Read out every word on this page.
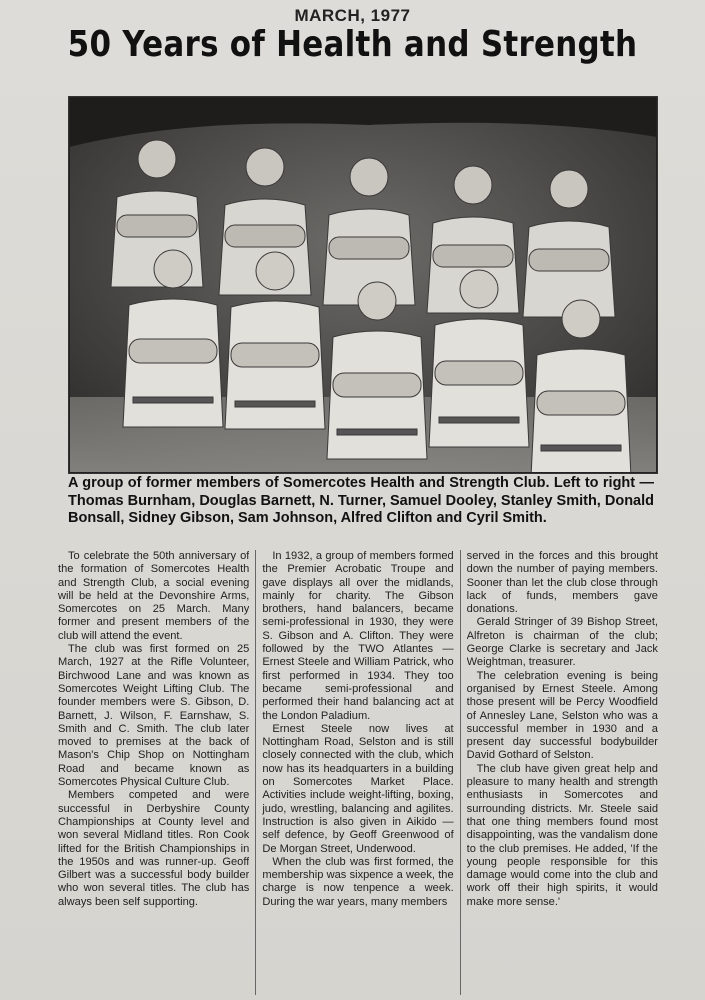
MARCH, 1977
50 Years of Health and Strength
A group of former members of Somercotes Health and Strength Club. Left to right — Thomas Burnham, Douglas Barnett, N. Turner, Samuel Dooley, Stanley Smith, Donald Bonsall, Sidney Gibson, Sam Johnson, Alfred Clifton and Cyril Smith.

To celebrate the 50th anniversary of the formation of Somercotes Health and Strength Club, a social evening will be held at the Devonshire Arms, Somercotes on 25 March. Many former and present members of the club will attend the event.

The club was first formed on 25 March, 1927 at the Rifle Volunteer, Birchwood Lane and was known as Somercotes Weight Lifting Club. The founder members were S. Gibson, D. Barnett, J. Wilson, F. Earnshaw, S. Smith and C. Smith. The club later moved to premises at the back of Mason's Chip Shop on Nottingham Road and became known as Somercotes Physical Culture Club.

Members competed and were successful in Derbyshire County Championships at County level and won several Midland titles. Ron Cook lifted for the British Championships in the 1950s and was runner-up. Geoff Gilbert was a successful body builder who won several titles. The club has always been self supporting.

In 1932, a group of members formed the Premier Acrobatic Troupe and gave displays all over the midlands, mainly for charity. The Gibson brothers, hand balancers, became semi-professional in 1930, they were S. Gibson and A. Clifton. They were followed by the TWO Atlantes — Ernest Steele and William Patrick, who first performed in 1934. They too became semi-professional and performed their hand balancing act at the London Paladium.

Ernest Steele now lives at Nottingham Road, Selston and is still closely connected with the club, which now has its headquarters in a building on Somercotes Market Place. Activities include weight-lifting, boxing, judo, wrestling, balancing and agilites. Instruction is also given in Aikido — self defence, by Geoff Greenwood of De Morgan Street, Underwood.

When the club was first formed, the membership was sixpence a week, the charge is now tenpence a week. During the war years, many members

served in the forces and this brought down the number of paying members. Sooner than let the club close through lack of funds, members gave donations.

Gerald Stringer of 39 Bishop Street, Alfreton is chairman of the club; George Clarke is secretary and Jack Weightman, treasurer.

The celebration evening is being organised by Ernest Steele. Among those present will be Percy Woodfield of Annesley Lane, Selston who was a successful member in 1930 and a present day successful bodybuilder David Gothard of Selston.

The club have given great help and pleasure to many health and strength enthusiasts in Somercotes and surrounding districts. Mr. Steele said that one thing members found most disappointing, was the vandalism done to the club premises. He added, 'If the young people responsible for this damage would come into the club and work off their high spirits, it would make more sense.'
